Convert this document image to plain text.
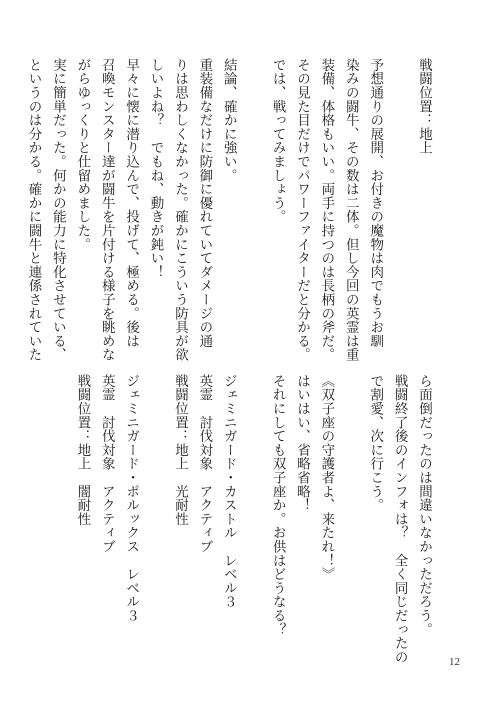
戦闘位置：地上

予想通りの展開、お付きの魔物は肉でもうお馴
染みの闘牛、その数は二体。但し今回の英霊は重
装備、体格もいい。両手に持つのは長柄の斧だ。
その見た目だけでパワーファイターだと分かる。
では、戦ってみましょう。

結論、確かに強い。
重装備なだけに防御に優れていてダメージの通
りは思わしくなかった。確かにこういう防具が欲
しいよね？　でもね、動きが鈍い！
早々に懐に潜り込んで、投げて、極める。後は
召喚モンスター達が闘牛を片付ける様子を眺めな
がらゆっくりと仕留めました。
実に簡単だった。何かの能力に特化させている、
というのは分かる。確かに闘牛と連係されていた
ら面倒だったのは間違いなかっただろう。
戦闘終了後のインフォは？　全く同じだったの
で割愛、次に行こう。

《双子座の守護者よ、来たれ！》
はいはい、省略省略！
それにしても双子座か。お供はどうなる？

ジェミニガード・カストル　レベル３
英霊　討伐対象　アクティブ
戦闘位置：地上　光耐性

ジェミニガード・ポルックス　レベル３
英霊　討伐対象　アクティブ
戦闘位置：地上　闇耐性
12
